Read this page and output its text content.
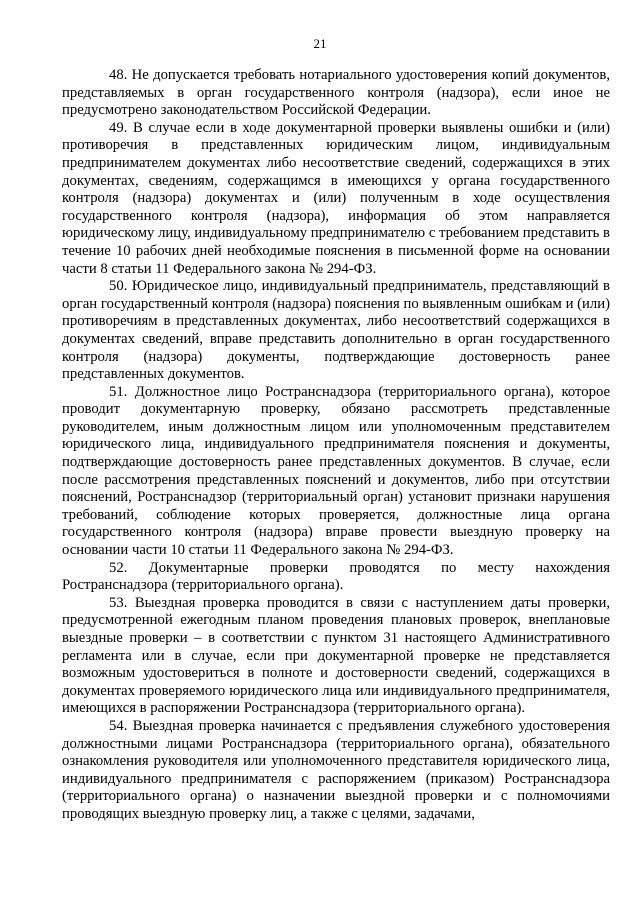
21

48. Не допускается требовать нотариального удостоверения копий документов, представляемых в орган государственного контроля (надзора), если иное не предусмотрено законодательством Российской Федерации.

49. В случае если в ходе документарной проверки выявлены ошибки и (или) противоречия в представленных юридическим лицом, индивидуальным предпринимателем документах либо несоответствие сведений, содержащихся в этих документах, сведениям, содержащимся в имеющихся у органа государственного контроля (надзора) документах и (или) полученным в ходе осуществления государственного контроля (надзора), информация об этом направляется юридическому лицу, индивидуальному предпринимателю с требованием представить в течение 10 рабочих дней необходимые пояснения в письменной форме на основании части 8 статьи 11 Федерального закона № 294-ФЗ.

50. Юридическое лицо, индивидуальный предприниматель, представляющий в орган государственный контроля (надзора) пояснения по выявленным ошибкам и (или) противоречиям в представленных документах, либо несоответствий содержащихся в документах сведений, вправе представить дополнительно в орган государственного контроля (надзора) документы, подтверждающие достоверность ранее представленных документов.

51. Должностное лицо Ространснадзора (территориального органа), которое проводит документарную проверку, обязано рассмотреть представленные руководителем, иным должностным лицом или уполномоченным представителем юридического лица, индивидуального предпринимателя пояснения и документы, подтверждающие достоверность ранее представленных документов. В случае, если после рассмотрения представленных пояснений и документов, либо при отсутствии пояснений, Ространснадзор (территориальный орган) установит признаки нарушения требований, соблюдение которых проверяется, должностные лица органа государственного контроля (надзора) вправе провести выездную проверку на основании части 10 статьи 11 Федерального закона № 294-ФЗ.

52. Документарные проверки проводятся по месту нахождения Ространснадзора (территориального органа).

53. Выездная проверка проводится в связи с наступлением даты проверки, предусмотренной ежегодным планом проведения плановых проверок, внеплановые выездные проверки – в соответствии с пунктом 31 настоящего Административного регламента или в случае, если при документарной проверке не представляется возможным удостовериться в полноте и достоверности сведений, содержащихся в документах проверяемого юридического лица или индивидуального предпринимателя, имеющихся в распоряжении Ространснадзора (территориального органа).

54. Выездная проверка начинается с предъявления служебного удостоверения должностными лицами Ространснадзора (территориального органа), обязательного ознакомления руководителя или уполномоченного представителя юридического лица, индивидуального предпринимателя с распоряжением (приказом) Ространснадзора (территориального органа) о назначении выездной проверки и с полномочиями проводящих выездную проверку лиц, а также с целями, задачами,
